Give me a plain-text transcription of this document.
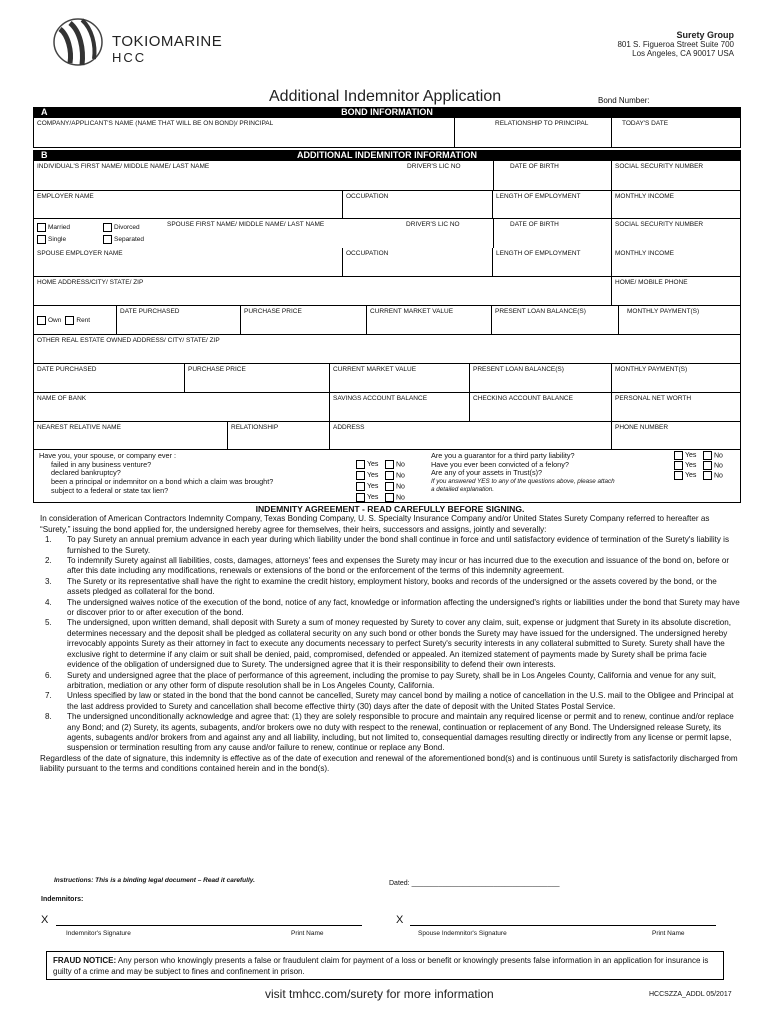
TOKIOMARINE
HCC
Surety Group
801 S. Figueroa Street Suite 700
Los Angeles, CA 90017 USA
Additional Indemnitor Application	Bond Number:
A	BOND INFORMATION
COMPANY/APPLICANT'S NAME (NAME THAT WILL BE ON BOND)/ PRINCIPAL	RELATIONSHIP TO PRINCIPAL	TODAY'S DATE
B	ADDITIONAL INDEMNITOR INFORMATION
INDIVIDUAL'S FIRST NAME/ MIDDLE NAME/ LAST NAME	DRIVER'S LIC NO	DATE OF BIRTH	SOCIAL SECURITY NUMBER
EMPLOYER NAME	OCCUPATION	LENGTH OF EMPLOYMENT	MONTHLY INCOME
Married	Divorced
Single	Separated
SPOUSE FIRST NAME/ MIDDLE NAME/ LAST NAME	DRIVER'S LIC NO	DATE OF BIRTH	SOCIAL SECURITY NUMBER
SPOUSE EMPLOYER NAME	OCCUPATION	LENGTH OF EMPLOYMENT	MONTHLY INCOME
HOME ADDRESS/CITY/ STATE/ ZIP	HOME/ MOBILE PHONE
Own Rent
DATE PURCHASED	PURCHASE PRICE	CURRENT MARKET VALUE	PRESENT LOAN BALANCE(S)	MONTHLY PAYMENT(S)
OTHER REAL ESTATE OWNED ADDRESS/ CITY/ STATE/ ZIP
DATE PURCHASED	PURCHASE PRICE	CURRENT MARKET VALUE	PRESENT LOAN BALANCE(S)	MONTHLY PAYMENT(S)
NAME OF BANK	SAVINGS ACCOUNT BALANCE	CHECKING ACCOUNT BALANCE	PERSONAL NET WORTH
NEAREST RELATIVE NAME	RELATIONSHIP	ADDRESS	PHONE NUMBER
Have you, your spouse, or company ever :
failed in any business venture?
declared bankruptcy?
been a principal or indemnitor on a bond which a claim was brought?
subject to a federal or state tax lien?
Yes	No
Yes	No
Yes	No
Yes	No
Are you a guarantor for a third party liability?
Have you ever been convicted of a felony?
Are any of your assets in Trust(s)?
If you answered YES to any of the questions above, please attach
a detailed explanation.
Yes	No
Yes	No
Yes	No
INDEMNITY AGREEMENT - READ CAREFULLY BEFORE SIGNING.
In consideration of American Contractors Indemnity Company, Texas Bonding Company, U. S. Specialty Insurance Company and/or United States Surety Company referred to hereafter as “Surety,” issuing the bond applied for, the undersigned hereby agree for themselves, their heirs, successors and assigns, jointly and severally:
1.	To pay Surety an annual premium advance in each year during which liability under the bond shall continue in force and until satisfactory evidence of termination of the Surety's liability is furnished to the Surety.
2.	To indemnify Surety against all liabilities, costs, damages, attorneys' fees and expenses the Surety may incur or has incurred due to the execution and issuance of the bond on, before or after this date including any modifications, renewals or extensions of the bond or the enforcement of the terms of this indemnity agreement.
3.	The Surety or its representative shall have the right to examine the credit history, employment history, books and records of the undersigned or the assets covered by the bond, or the assets pledged as collateral for the bond.
4.	The undersigned waives notice of the execution of the bond, notice of any fact, knowledge or information affecting the undersigned's rights or liabilities under the bond that Surety may have or discover prior to or after execution of the bond.
5.	The undersigned, upon written demand, shall deposit with Surety a sum of money requested by Surety to cover any claim, suit, expense or judgment that Surety in its absolute discretion, determines necessary and the deposit shall be pledged as collateral security on any such bond or other bonds the Surety may have issued for the undersigned. The undersigned hereby irrevocably appoints Surety as their attorney in fact to execute any documents necessary to perfect Surety's security interests in any collateral submitted to Surety. Surety shall have the exclusive right to determine if any claim or suit shall be denied, paid, compromised, defended or appealed. An itemized statement of payments made by Surety shall be prima facie evidence of the obligation of undersigned due to Surety. The undersigned agree that it is their responsibility to defend their own interests.
6.	Surety and undersigned agree that the place of performance of this agreement, including the promise to pay Surety, shall be in Los Angeles County, California and venue for any suit, arbitration, mediation or any other form of dispute resolution shall be in Los Angeles County, California.
7.	Unless specified by law or stated in the bond that the bond cannot be cancelled, Surety may cancel bond by mailing a notice of cancellation in the U.S. mail to the Obligee and Principal at the last address provided to Surety and cancellation shall become effective thirty (30) days after the date of deposit with the United States Postal Service.
8.	The undersigned unconditionally acknowledge and agree that: (1) they are solely responsible to procure and maintain any required license or permit and to renew, continue and/or replace any Bond; and (2) Surety, its agents, subagents, and/or brokers owe no duty with respect to the renewal, continuation or replacement of any Bond. The Undersigned release Surety, its agents, subagents and/or brokers from and against any and all liability, including, but not limited to, consequential damages resulting directly or indirectly from any license or permit lapse, suspension or termination resulting from any cause and/or failure to renew, continue or replace any Bond.
Regardless of the date of signature, this indemnity is effective as of the date of execution and renewal of the aforementioned bond(s) and is continuous until Surety is satisfactorily discharged from liability pursuant to the terms and conditions contained herein and in the bond(s).
Instructions: This is a binding legal document – Read it carefully.	Dated: ______________________________________
Indemnitors:
X
Indemnitor's Signature	Print Name
X
Spouse Indemnitor's Signature	Print Name
FRAUD NOTICE: Any person who knowingly presents a false or fraudulent claim for payment of a loss or benefit or knowingly presents false information in an application for insurance is guilty of a crime and may be subject to fines and confinement in prison.
visit tmhcc.com/surety for more information	HCCSZZA_ADDL 05/2017
